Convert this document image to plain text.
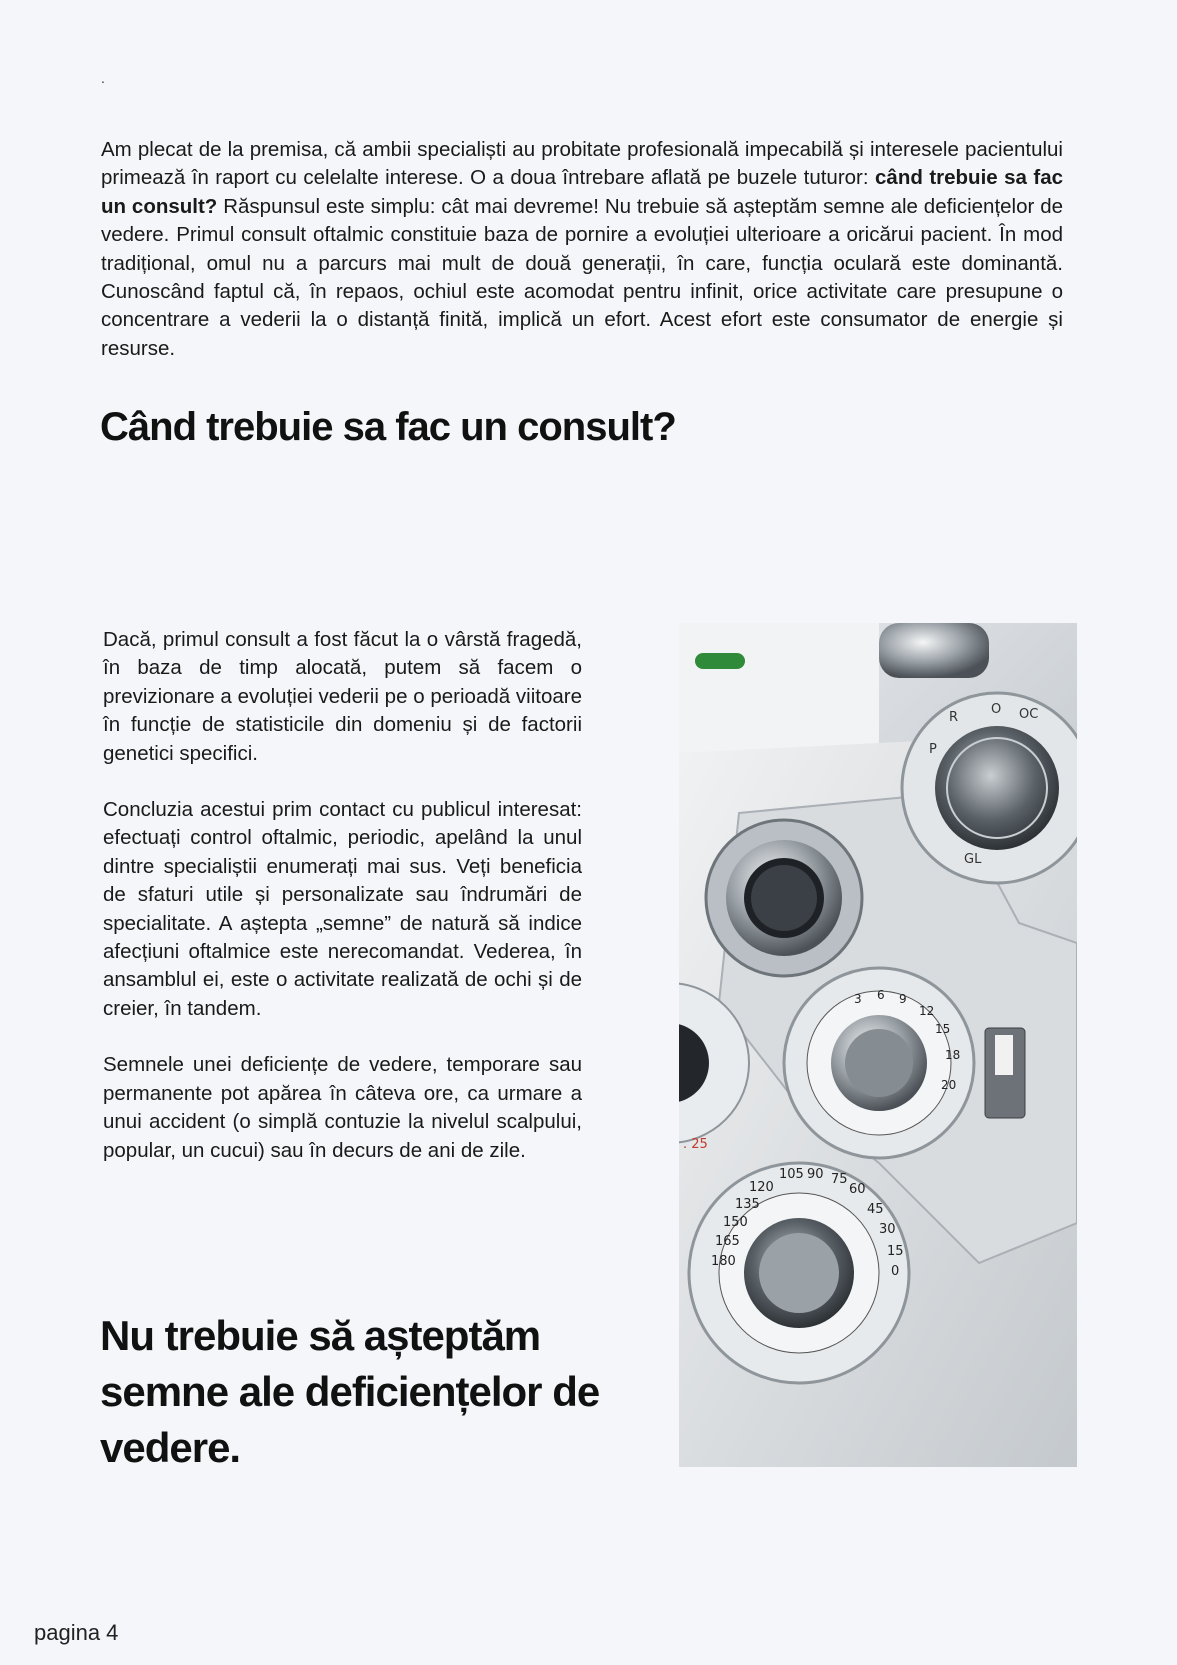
.

Am plecat de la premisa, că ambii specialiști au probitate profesională impecabilă și interesele pacientului primează în raport cu celelalte interese. O a doua întrebare aflată pe buzele tuturor: când trebuie sa fac un consult? Răspunsul este simplu: cât mai devreme! Nu trebuie să așteptăm semne ale deficiențelor de vedere. Primul consult oftalmic constituie baza de pornire a evoluției ulterioare a oricărui pacient. În mod tradițional, omul nu a parcurs mai mult de două generații, în care, funcția oculară este dominantă. Cunoscând faptul că, în repaos, ochiul este acomodat pentru infinit, orice activitate care presupune o concentrare a vederii la o distanță finită, implică un efort. Acest efort este consumator de energie și resurse.

Când trebuie sa fac un consult?

Dacă, primul consult a fost făcut la o vârstă fragedă, în baza de timp alocată, putem să facem o previzionare a evoluției vederii pe o perioadă viitoare în funcție de statisticile din domeniu și de factorii genetici specifici.

Concluzia acestui prim contact cu publicul interesat: efectuați control oftalmic, periodic, apelând la unul dintre specialiștii enumerați mai sus. Veți beneficia de sfaturi utile și personalizate sau îndrumări de specialitate. A aștepta „semne” de natură să indice afecțiuni oftalmice este nerecomandat. Vederea, în ansamblul ei, este o activitate realizată de ochi și de creier, în tandem.

Semnele unei deficiențe de vedere, temporare sau permanente pot apărea în câteva ore, ca urmare a unui accident (o simplă contuzie la nivelul scalpului, popular, un cucui) sau în decurs de ani de zile.

Nu trebuie să așteptăm semne ale deficiențelor de vedere.
O OC
R
P
GL
3 6 9
12
15
18
20
. 25
105 90 75
60
45
30
15
0
135
150
165
180
120
pagina 4
